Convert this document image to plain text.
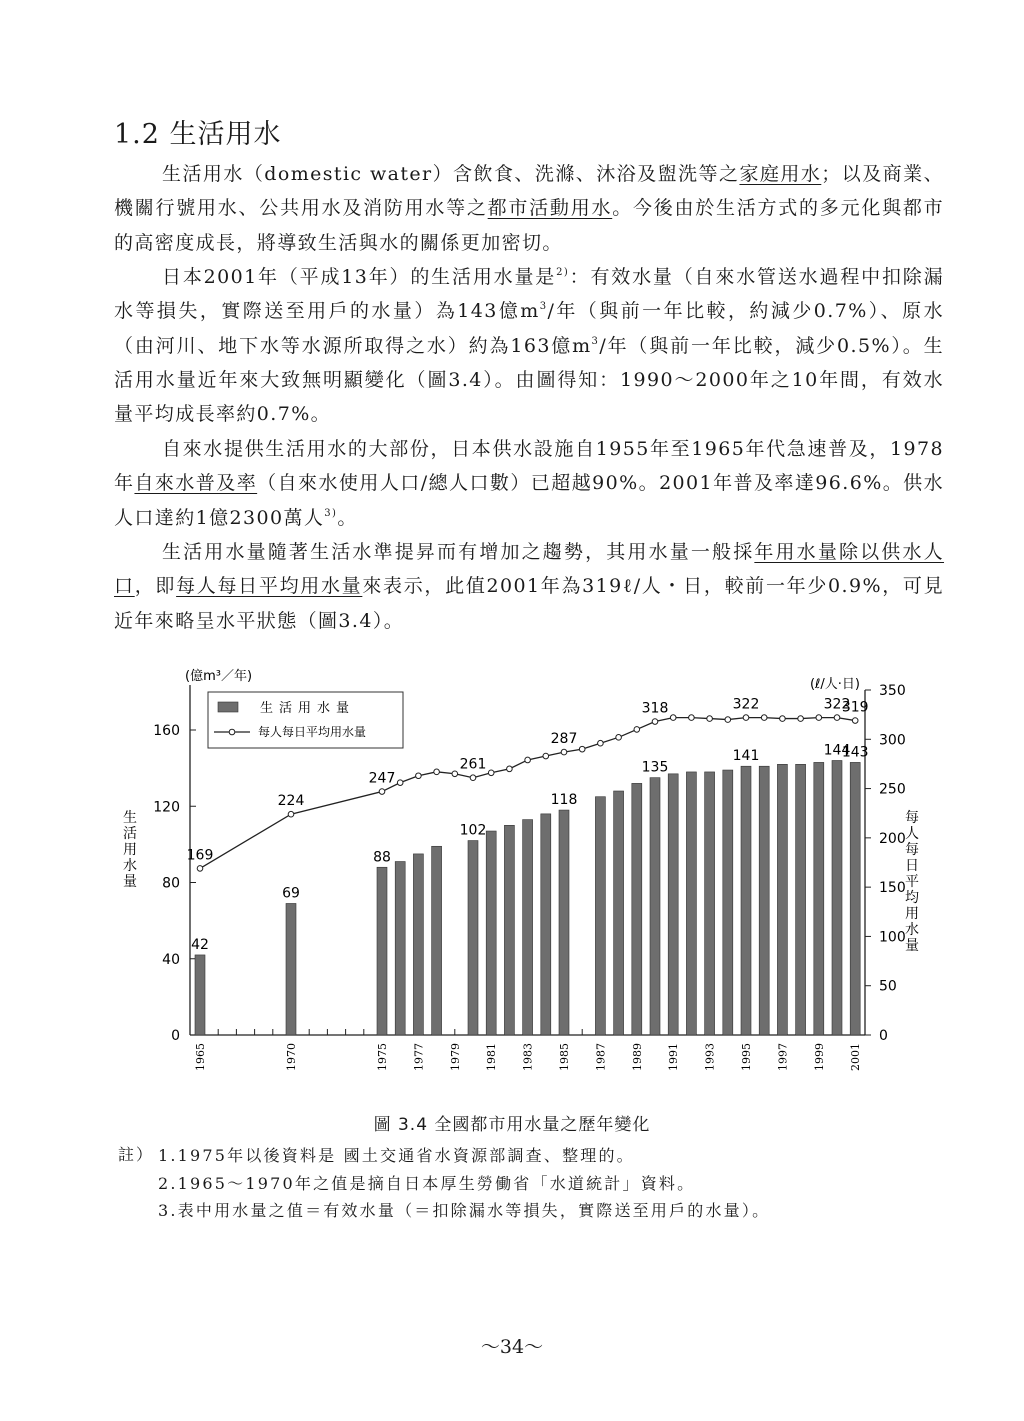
1.2 生活用水

生活用水（domestic water）含飲食、洗滌、沐浴及盥洗等之家庭用水；以及商業、機關行號用水、公共用水及消防用水等之都市活動用水。今後由於生活方式的多元化與都市的高密度成長，將導致生活與水的關係更加密切。

日本2001年（平成13年）的生活用水量是$^{2)}$：有效水量（自來水管送水過程中扣除漏水等損失，實際送至用戶的水量）為143億$m^3/$年（與前一年比較，約減少0.7%）、原水（由河川、地下水等水源所取得之水）約為163億$m^3/$年（與前一年比較，減少0.5%）。生活用水量近年來大致無明顯變化（圖3.4）。由圖得知：1990～2000年之10年間，有效水量平均成長率約0.7%。

自來水提供生活用水的大部份，日本供水設施自1955年至1965年代急速普及，1978年自來水普及率（自來水使用人口/總人口數）已超越90%。2001年普及率達96.6%。供水人口達約1億2300萬人$^{3)}$。

生活用水量隨著生活水準提昇而有增加之趨勢，其用水量一般採年用水量除以供水人口，即每人每日平均用水量來表示，此值2001年為319ℓ/人・日，較前一年少0.9%，可見近年來略呈水平狀態（圖3.4）。

0
40
80
120
160
0
50
100
150
200
250
300
350
(億m³／年)
(ℓ/人‧日)
生活用水量
每人每日平均用水量
1965	1970	1975 1977 1979 1981 1983 1985 1987 1989 1991 1993 1995 1997 1999 2001
42
69
88
102
118
135
141	144
143
169
224
247
261
287
318	322	322
319
生活用水量
每人每日平均用水量
圖 3.4 全國都市用水量之歷年變化
註） 1.1975年以後資料是 國土交通省水資源部調查、整理的。
2.1965～1970年之值是摘自日本厚生勞働省「水道統計」資料。
3.表中用水量之值＝有效水量（＝扣除漏水等損失，實際送至用戶的水量）。
～34～
